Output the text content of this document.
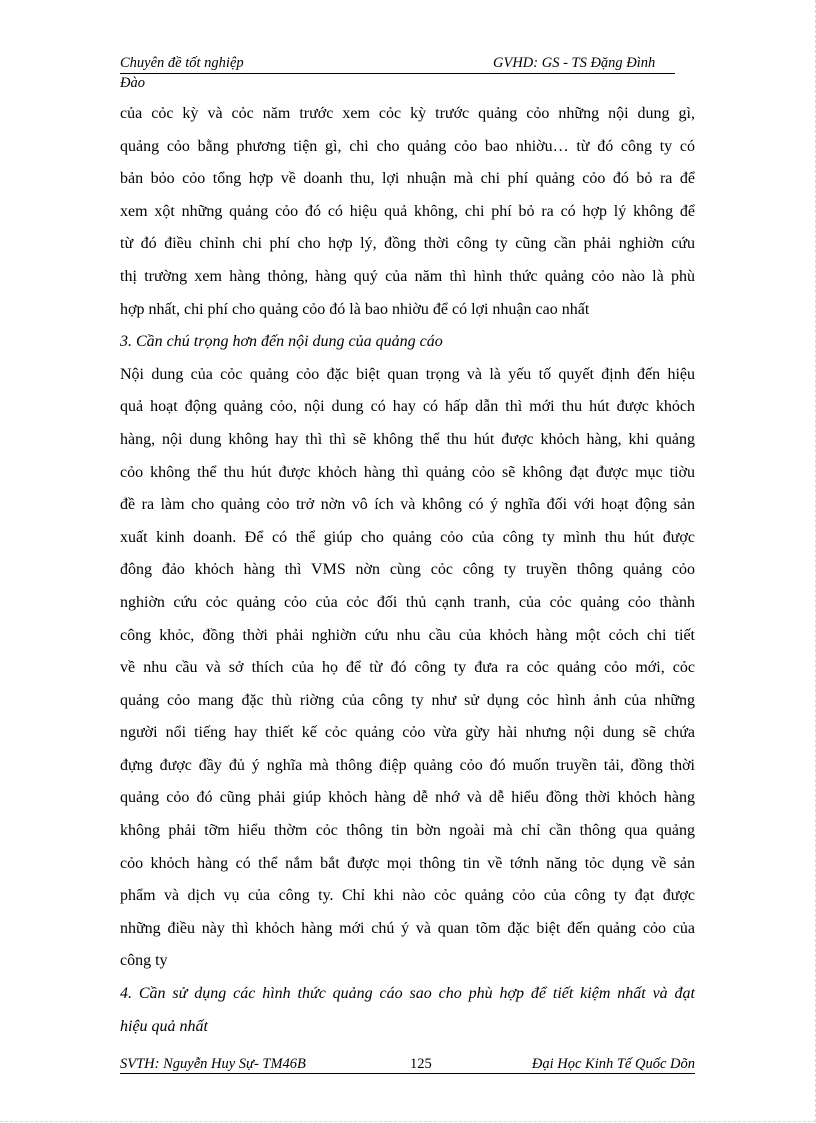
Chuyên đề tốt nghiệp	GVHD: GS - TS Đặng Đình
Đào
của cỏc kỳ và cỏc năm trước xem cỏc kỳ trước quảng cỏo những nội dung gì,
quảng cỏo bằng phương tiện gì, chi cho quảng cỏo bao nhiờu… từ đó công ty có
bản bỏo cỏo tổng hợp về doanh thu, lợi nhuận mà chi phí quảng cỏo đó bỏ ra để
xem xột những quảng cỏo đó có hiệu quả không, chi phí bỏ ra có hợp lý không để
từ đó điều chỉnh chi phí cho hợp lý, đồng thời công ty cũng cần phải nghiờn cứu
thị trường xem hàng thỏng, hàng quý của năm thì hình thức quảng cỏo nào là phù
hợp nhất, chi phí cho quảng cỏo đó là bao nhiờu để có lợi nhuận cao nhất
3. Cần chú trọng hơn đến nội dung của quảng cáo
Nội dung của cỏc quảng cỏo đặc biệt quan trọng và là yếu tố quyết định đến hiệu
quả hoạt động quảng cỏo, nội dung có hay có hấp dẫn thì mới thu hút được khỏch
hàng, nội dung không hay thì thì sẽ không thể thu hút được khỏch hàng, khi quảng
cỏo không thể thu hút được khỏch hàng thì quảng cỏo sẽ không đạt được mục tiờu
đề ra làm cho quảng cỏo trở nờn vô ích và không có ý nghĩa đối với hoạt động sản
xuất kinh doanh. Để có thể giúp cho quảng cỏo của công ty mình thu hút được
đông đảo khỏch hàng thì VMS nờn cùng cỏc công ty truyền thông quảng cỏo
nghiờn cứu cỏc quảng cỏo của cỏc đối thủ cạnh tranh, của cỏc quảng cỏo thành
công khỏc, đồng thời phải nghiờn cứu nhu cầu của khỏch hàng một cỏch chi tiết
về nhu cầu và sở thích của họ để từ đó công ty đưa ra cỏc quảng cỏo mới, cỏc
quảng cỏo mang đặc thù riờng của công ty như sử dụng cỏc hình ảnh của những
người nổi tiếng hay thiết kế cỏc quảng cỏo vừa gừy hài nhưng nội dung sẽ chứa
đựng được đầy đủ ý nghĩa mà thông điệp quảng cỏo đó muốn truyền tải, đồng thời
quảng cỏo đó cũng phải giúp khỏch hàng dễ nhớ và dễ hiểu đồng thời khỏch hàng
không phải tỡm hiểu thờm cỏc thông tin bờn ngoài mà chỉ cần thông qua quảng
cỏo khỏch hàng có thể nắm bắt được mọi thông tin về tớnh năng tỏc dụng về sản
phẩm và dịch vụ của công ty. Chỉ khi nào cỏc quảng cỏo của công ty đạt được
những điều này thì khỏch hàng mới chú ý và quan tõm đặc biệt đến quảng cỏo của
công ty
4. Cần sử dụng các hình thức quảng cáo sao cho phù hợp để tiết kiệm nhất và đạt
hiệu quả nhất
SVTH: Nguyễn Huy Sự- TM46B	125	Đại Học Kinh Tế Quốc Dõn
